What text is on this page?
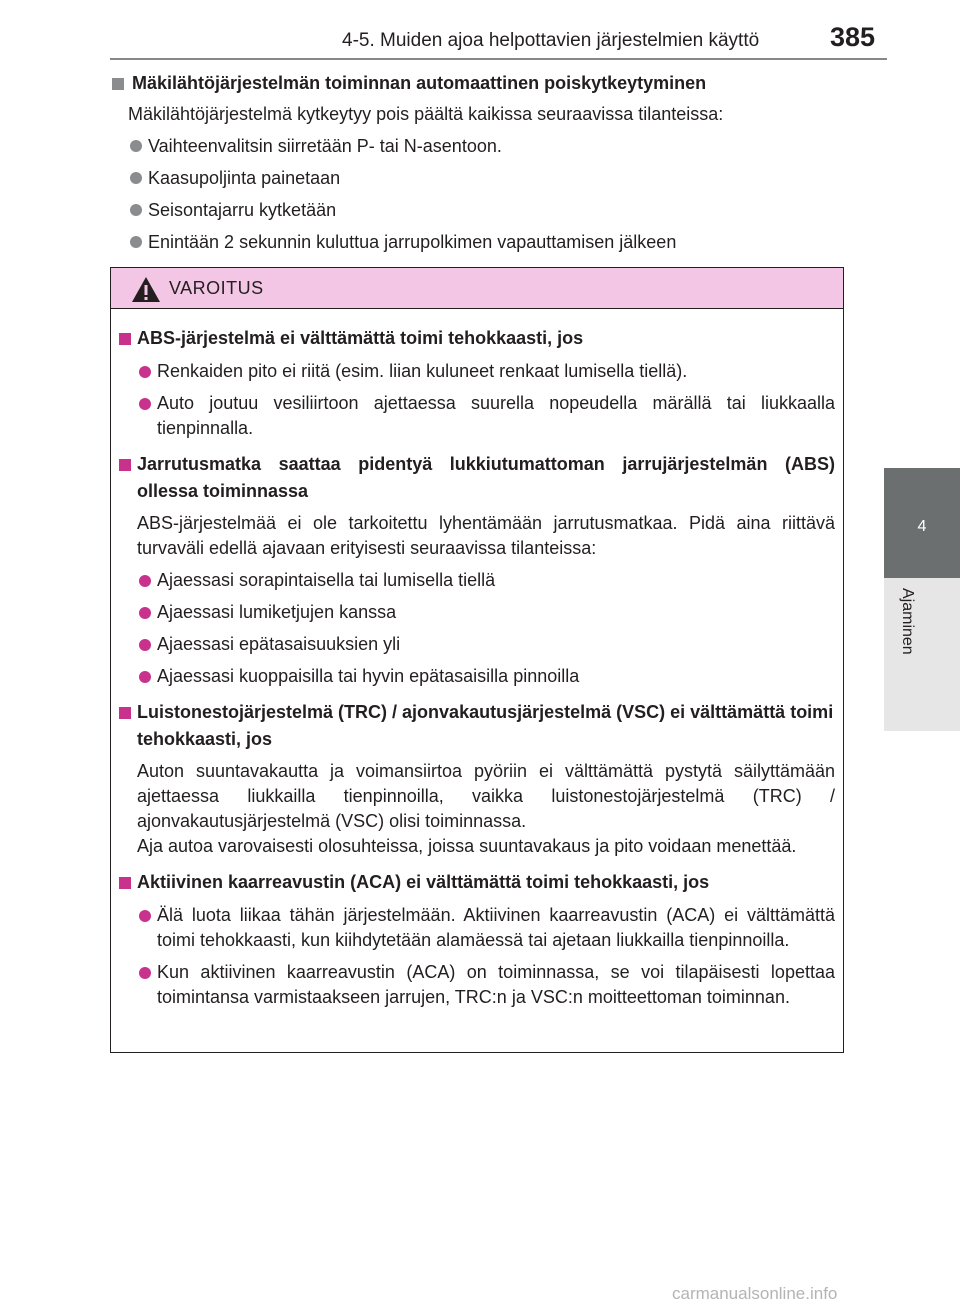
4-5. Muiden ajoa helpottavien järjestelmien käyttö	385
4
Ajaminen
Mäkilähtöjärjestelmän toiminnan automaattinen poiskytkeytyminen
Mäkilähtöjärjestelmä kytkeytyy pois päältä kaikissa seuraavissa tilanteissa:
Vaihteenvalitsin siirretään P- tai N-asentoon.
Kaasupoljinta painetaan
Seisontajarru kytketään
Enintään 2 sekunnin kuluttua jarrupolkimen vapauttamisen jälkeen
VAROITUS
ABS-järjestelmä ei välttämättä toimi tehokkaasti, jos
Renkaiden pito ei riitä (esim. liian kuluneet renkaat lumisella tiellä).
Auto joutuu vesiliirtoon ajettaessa suurella nopeudella märällä tai liukkaalla tienpinnalla.
Jarrutusmatka saattaa pidentyä lukkiutumattoman jarrujärjestelmän (ABS) ollessa toiminnassa
ABS-järjestelmää ei ole tarkoitettu lyhentämään jarrutusmatkaa. Pidä aina riittävä turvaväli edellä ajavaan erityisesti seuraavissa tilanteissa:
Ajaessasi sorapintaisella tai lumisella tiellä
Ajaessasi lumiketjujen kanssa
Ajaessasi epätasaisuuksien yli
Ajaessasi kuoppaisilla tai hyvin epätasaisilla pinnoilla
Luistonestojärjestelmä (TRC) / ajonvakautusjärjestelmä (VSC) ei välttämättä toimi tehokkaasti, jos
Auton suuntavakautta ja voimansiirtoa pyöriin ei välttämättä pystytä säilyttämään ajettaessa liukkailla tienpinnoilla, vaikka luistonestojärjestelmä (TRC) / ajonvakautusjärjestelmä (VSC) olisi toiminnassa.
Aja autoa varovaisesti olosuhteissa, joissa suuntavakaus ja pito voidaan menettää.
Aktiivinen kaarreavustin (ACA) ei välttämättä toimi tehokkaasti, jos
Älä luota liikaa tähän järjestelmään. Aktiivinen kaarreavustin (ACA) ei välttämättä toimi tehokkaasti, kun kiihdytetään alamäessä tai ajetaan liukkailla tienpinnoilla.
Kun aktiivinen kaarreavustin (ACA) on toiminnassa, se voi tilapäisesti lopettaa toimintansa varmistaakseen jarrujen, TRC:n ja VSC:n moitteettoman toiminnan.
carmanualsonline.info
